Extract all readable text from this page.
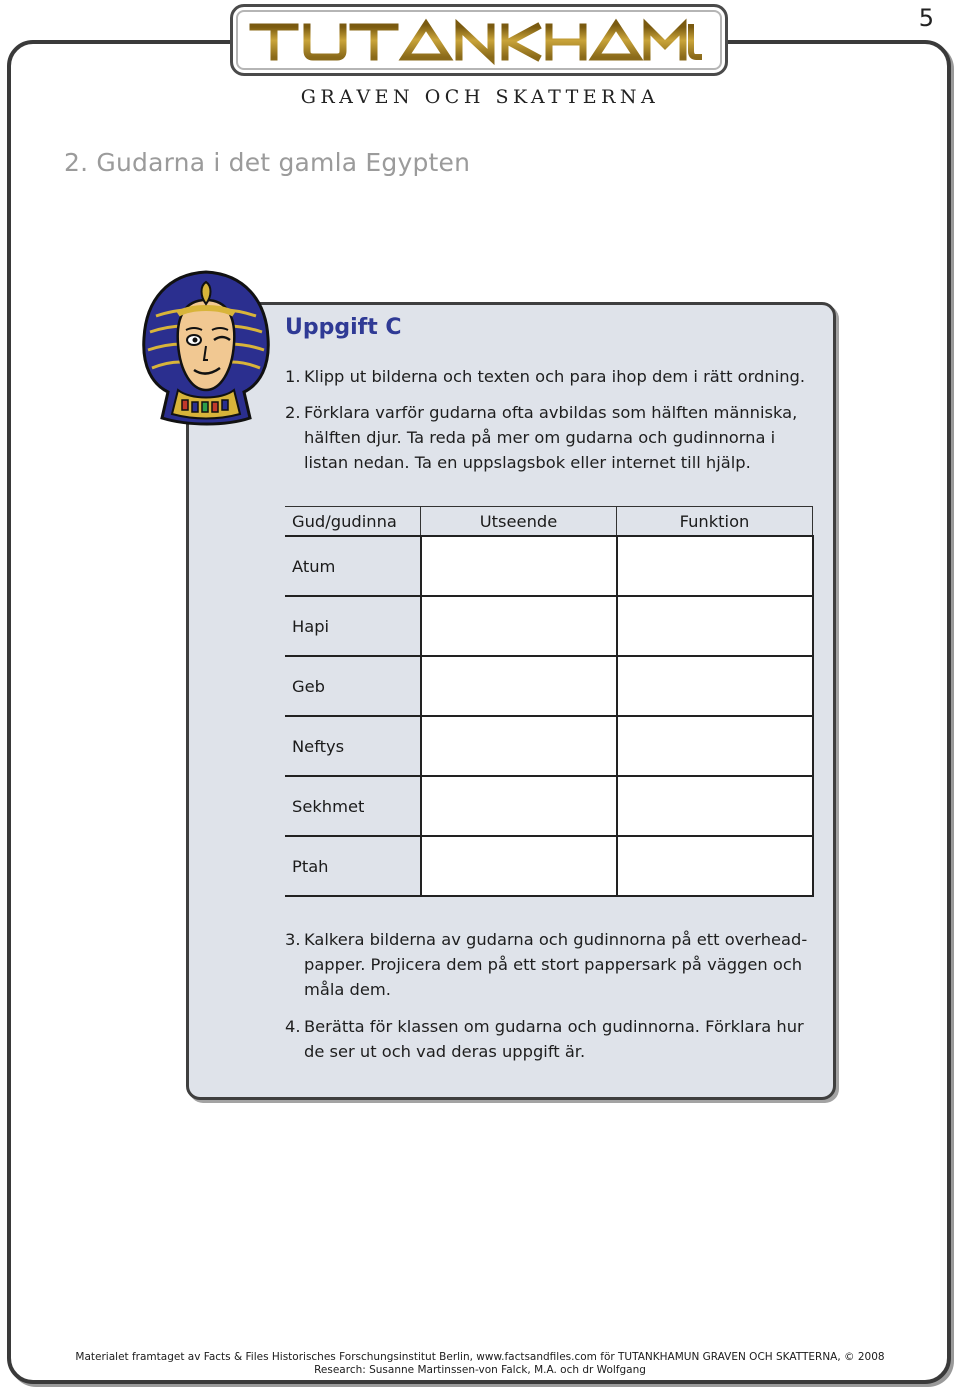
5
GRAVEN OCH SKATTERNA
2. Gudarna i det gamla Egypten
Uppgift C
1. Klipp ut bilderna och texten och para ihop dem i rätt ordning.
2. Förklara varför gudarna ofta avbildas som hälften människa, hälften djur. Ta reda på mer om gudarna och gudinnorna i listan nedan. Ta en uppslagsbok eller internet till hjälp.
Gud/gudinna	Utseende	Funktion
Atum		
Hapi		
Geb		
Neftys		
Sekhmet		
Ptah		
3. Kalkera bilderna av gudarna och gudinnorna på ett overhead-papper. Projicera dem på ett stort pappersark på väggen och måla dem.
4. Berätta för klassen om gudarna och gudinnorna. Förklara hur de ser ut och vad deras uppgift är.
Materialet framtaget av Facts & Files Historisches Forschungsinstitut Berlin, www.factsandfiles.com för TUTANKHAMUN GRAVEN OCH SKATTERNA, © 2008
Research: Susanne Martinssen-von Falck, M.A. och dr Wolfgang
